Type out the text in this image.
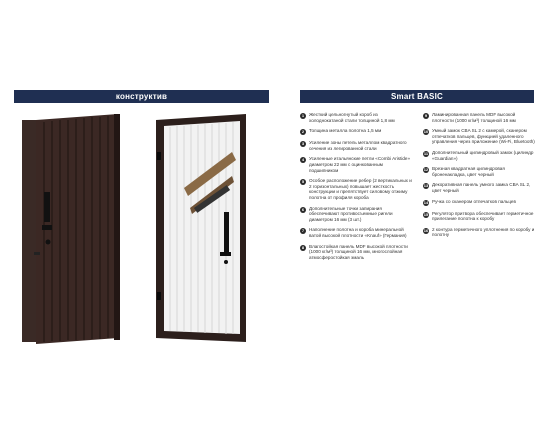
конструктив	Smart BASIC
1	Жесткий цельногнутый короб из холоднокатаной стали толщиной 1,8 мм
2	Толщина металла полотна 1,5 мм
3	Усиление зоны петель металлом квадратного сечения из легированной стали
4	Усиленные итальянские петли «Combi Aristide» диаметром 22 мм с оцинкованным подшипником
5	Особое расположение ребер (2 вертикальных и 2 горизонтальных) повышает жесткость конструкции и препятствует силовому отжиму полотна от профиля короба
6	Дополнительные точки запирания обеспечивают противосъемные ригели диаметром 16 мм (3 шт.)
7	Наполнение полотна и короба минеральной ватой высокой плотности «Knauf» (Германия)
8	Влагостойкая панель MDF высокой плотности (1000 кг/м³) толщиной 16 мм, многослойная атмосферостойкая эмаль
9	Ламинированная панель MDF высокой плотности (1000 кг/м³) толщиной 16 мм
10 Умный замок CBA SL 2 с камерой, сканером отпечатков пальцев, функцией удаленного управления через приложение (Wi-Fi, Bluetooth)
11 Дополнительный цилиндровый замок (цилиндр «Guardian»)
12 Врезная квадратная цилиндровая броненакладка, цвет черный
13 Декоративная панель умного замка CBA SL 2, цвет черный
14 Ручка со сканером отпечатков пальцев
15 Регулятор притвора обеспечивает герметичное прилегание полотна к коробу
16 2 контура герметичного уплотнения по коробу и полотну
